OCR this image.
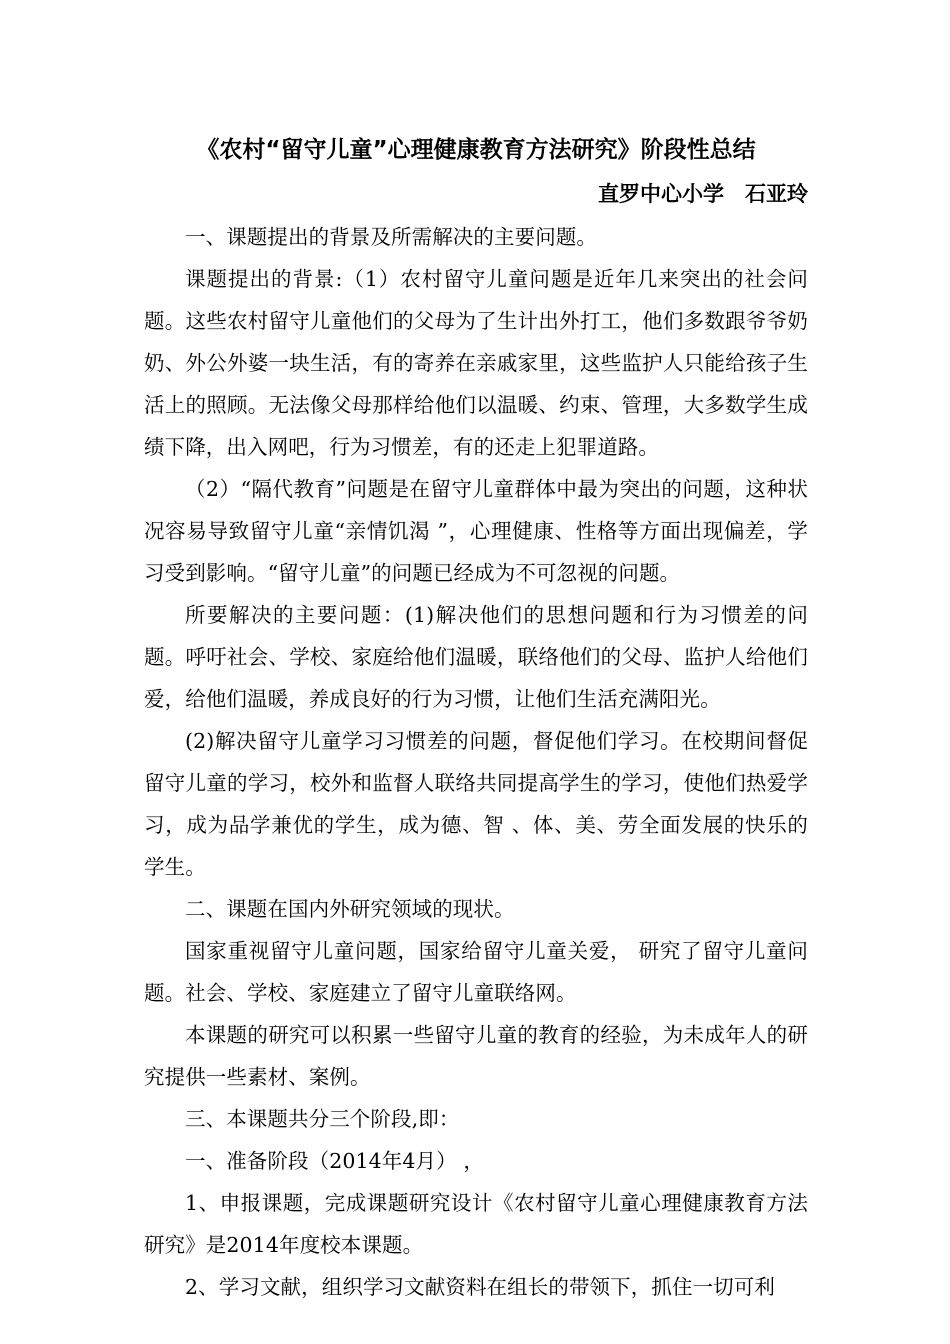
《农村“留守儿童”心理健康教育方法研究》阶段性总结

直罗中心小学　石亚玲

一、课题提出的背景及所需解决的主要问题。

课题提出的背景:（1）农村留守儿童问题是近年几来突出的社会问题。这些农村留守儿童他们的父母为了生计出外打工，他们多数跟爷爷奶奶、外公外婆一块生活，有的寄养在亲戚家里，这些监护人只能给孩子生活上的照顾。无法像父母那样给他们以温暖、约束、管理，大多数学生成绩下降，出入网吧，行为习惯差，有的还走上犯罪道路。

（2）“隔代教育”问题是在留守儿童群体中最为突出的问题，这种状况容易导致留守儿童“亲情饥渴 ”，心理健康、性格等方面出现偏差，学习受到影响。“留守儿童”的问题已经成为不可忽视的问题。

所要解决的主要问题：(1)解决他们的思想问题和行为习惯差的问题。呼吁社会、学校、家庭给他们温暖，联络他们的父母、监护人给他们爱，给他们温暖，养成良好的行为习惯，让他们生活充满阳光。

(2)解决留守儿童学习习惯差的问题，督促他们学习。在校期间督促留守儿童的学习，校外和监督人联络共同提高学生的学习，使他们热爱学习，成为品学兼优的学生，成为德、智 、体、美、劳全面发展的快乐的学生。

二、课题在国内外研究领域的现状。

国家重视留守儿童问题，国家给留守儿童关爱， 研究了留守儿童问题。社会、学校、家庭建立了留守儿童联络网。

本课题的研究可以积累一些留守儿童的教育的经验，为未成年人的研究提供一些素材、案例。

三、本课题共分三个阶段,即：

一、准备阶段（2014年4月） ，

1、申报课题，完成课题研究设计《农村留守儿童心理健康教育方法研究》是2014年度校本课题。

2、学习文献，组织学习文献资料在组长的带领下，抓住一切可利
